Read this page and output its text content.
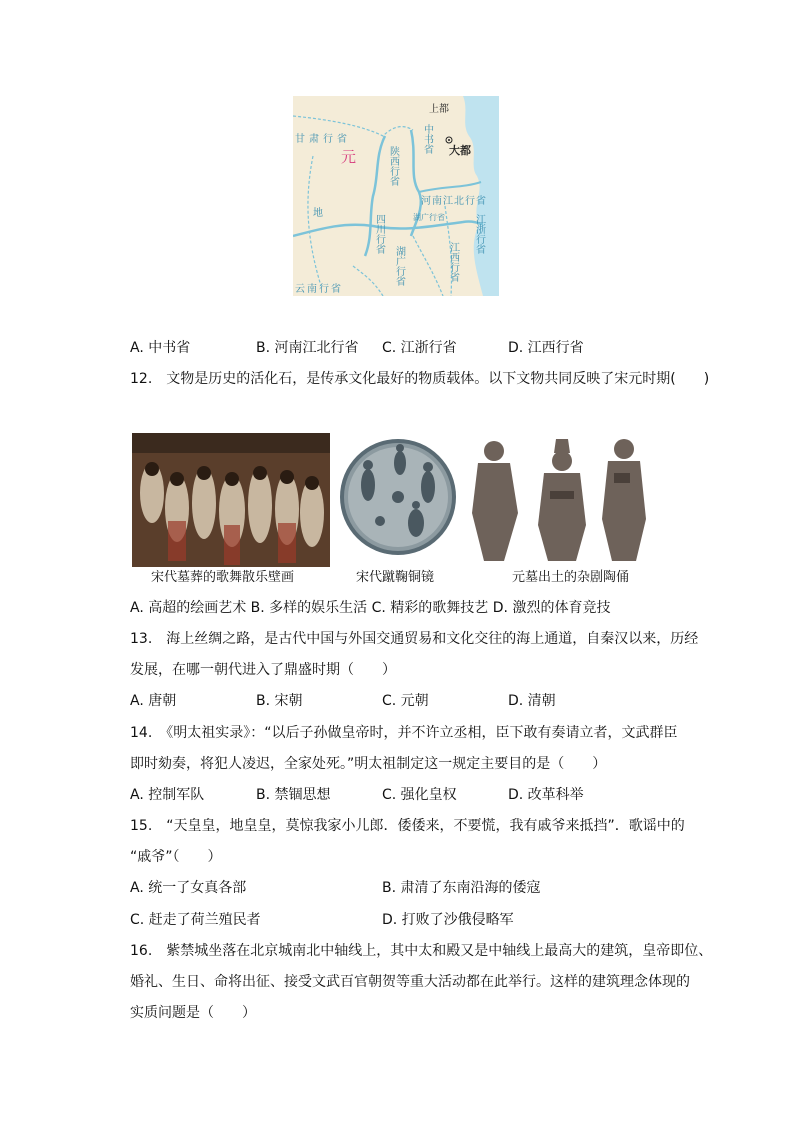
上都
大都
元
甘肃行省
陕西行省
中书省
河南江北行省
四川行省	湖广行省
湖广行省
江浙行省
江西行省
云南行省
地
A. 中书省	B. 河南江北行省 C. 江浙行省	D. 江西行省
12.　文物是历史的活化石，是传承文化最好的物质载体。以下文物共同反映了宋元时期(　　)
宋代墓葬的歌舞散乐壁画	宋代蹴鞠铜镜	元墓出土的杂剧陶俑
A. 高超的绘画艺术 B. 多样的娱乐生活 C. 精彩的歌舞技艺 D. 激烈的体育竞技
13.　海上丝绸之路，是古代中国与外国交通贸易和文化交往的海上通道，自秦汉以来，历经
发展，在哪一朝代进入了鼎盛时期（　　）
A. 唐朝	B. 宋朝	C. 元朝	D. 清朝
14.　《明太祖实录》：“以后子孙做皇帝时，并不许立丞相，臣下敢有奏请立者，文武群臣
即时劾奏，将犯人凌迟，全家处死。”明太祖制定这一规定主要目的是（　　）
A. 控制军队	B. 禁锢思想	C. 强化皇权	D. 改革科举
15.　“天皇皇，地皇皇，莫惊我家小儿郎．倭倭来，不要慌，我有戚爷来抵挡”．歌谣中的
“戚爷”（　　）
A. 统一了女真各部	B. 肃清了东南沿海的倭寇
C. 赶走了荷兰殖民者	D. 打败了沙俄侵略军
16.　紫禁城坐落在北京城南北中轴线上，其中太和殿又是中轴线上最高大的建筑，皇帝即位、
婚礼、生日、命将出征、接受文武百官朝贺等重大活动都在此举行。这样的建筑理念体现的
实质问题是（　　）
